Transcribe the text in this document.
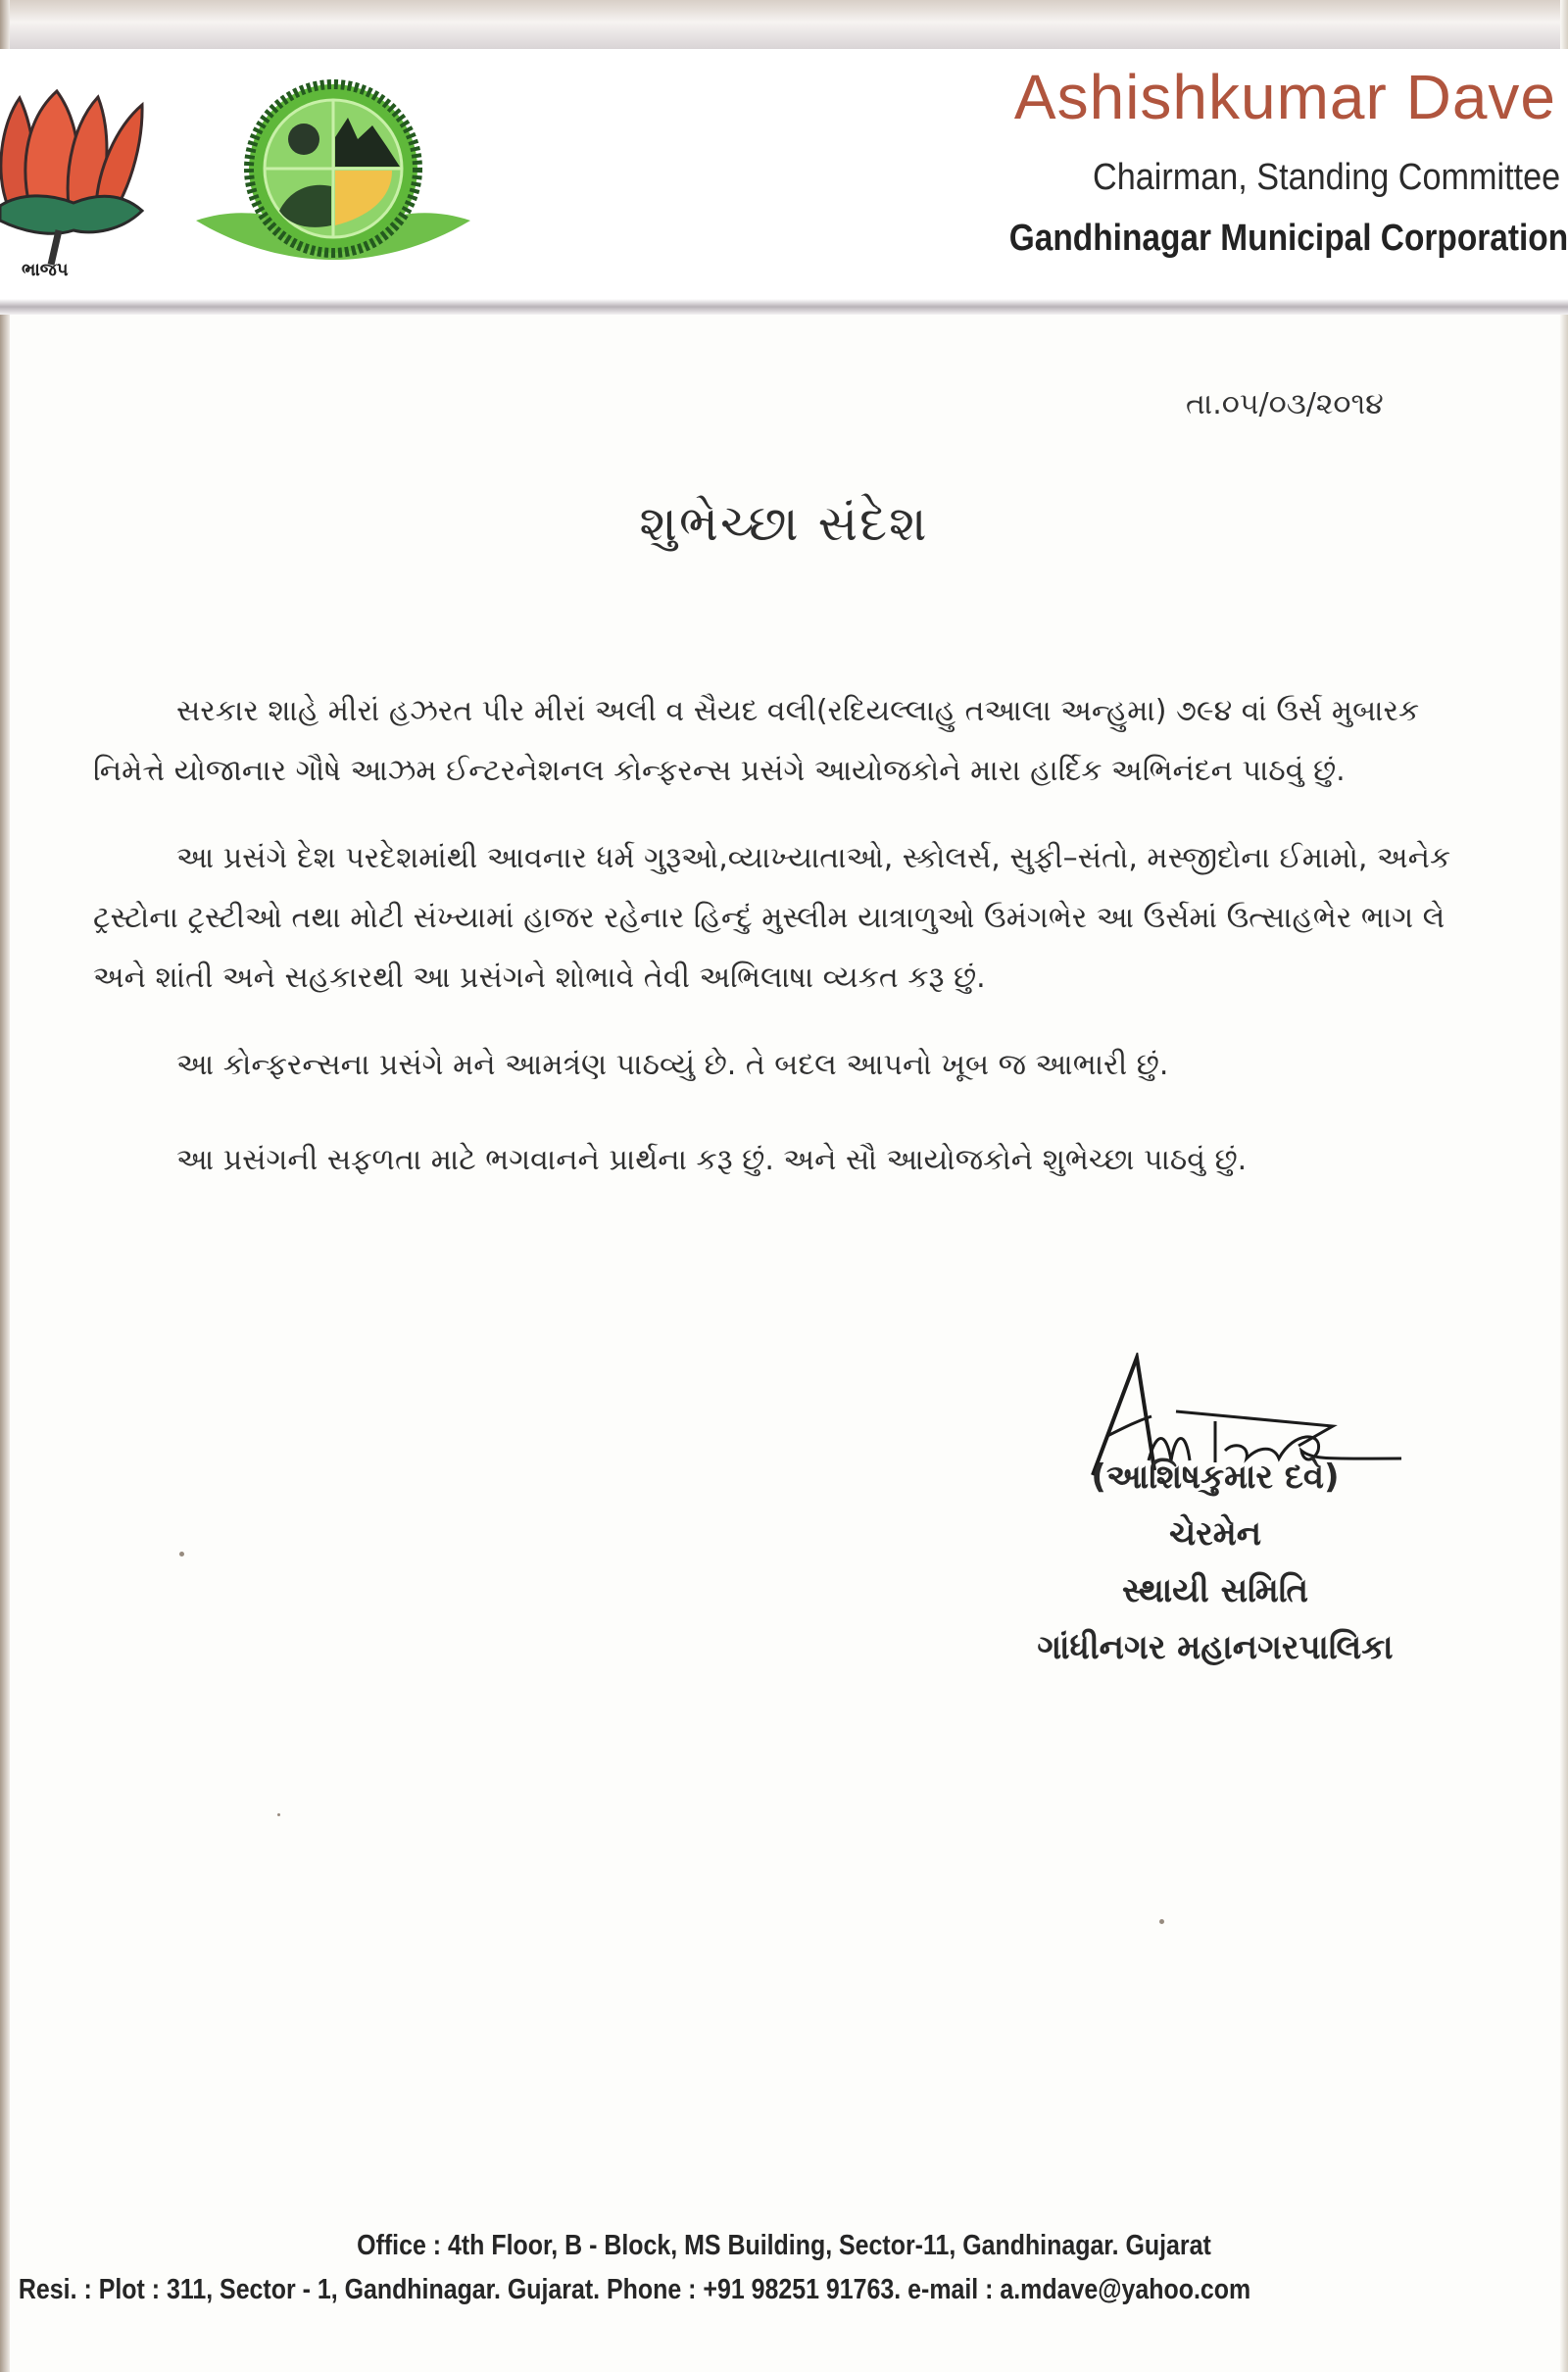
ભાજપ
Ashishkumar Dave
Chairman, Standing Committee
Gandhinagar Municipal Corporation
તા.૦૫/૦૩/૨૦૧૪
શુભેચ્છા સંદેશ

સરકાર શાહે મીરાં હઝરત પીર મીરાં અલી વ સૈયદ વલી(રદિયલ્લાહુ તઆલા અન્હુમા) ૭૯૪ વાં ઉર્સ મુબારક નિમેત્તે યોજાનાર ગૌષે આઝમ ઈન્ટરનેશનલ કોન્ફરન્સ પ્રસંગે આયોજકોને મારા હાર્દિક અભિનંદન પાઠવું છું.

આ પ્રસંગે દેશ પરદેશમાંથી આવનાર ધર્મ ગુરૂઓ,વ્યાખ્યાતાઓ, સ્કોલર્સ, સુફી–સંતો, મસ્જીદોના ઈમામો, અનેક ટ્રસ્ટોના ટ્રસ્ટીઓ તથા મોટી સંખ્યામાં હાજર રહેનાર હિન્દું મુસ્લીમ યાત્રાળુઓ ઉમંગભેર આ ઉર્સમાં ઉત્સાહભેર ભાગ લે અને શાંતી અને સહકારથી આ પ્રસંગને શોભાવે તેવી અભિલાષા વ્યકત કરૂ છું.

આ કોન્ફરન્સના પ્રસંગે મને આમત્રંણ પાઠવ્યું છે. તે બદલ આપનો ખૂબ જ આભારી છું.

આ પ્રસંગની સફળતા માટે ભગવાનને પ્રાર્થના કરૂ છું. અને સૌ આયોજકોને શુભેચ્છા પાઠવું છું.

(આશિષકુમાર દવે)
ચેરમેન
સ્થાયી સમિતિ
ગાંધીનગર મહાનગરપાલિકા
Office : 4th Floor, B - Block, MS Building, Sector-11, Gandhinagar. Gujarat
Resi. : Plot : 311, Sector - 1, Gandhinagar. Gujarat. Phone : +91 98251 91763. e-mail : a.mdave@yahoo.com
